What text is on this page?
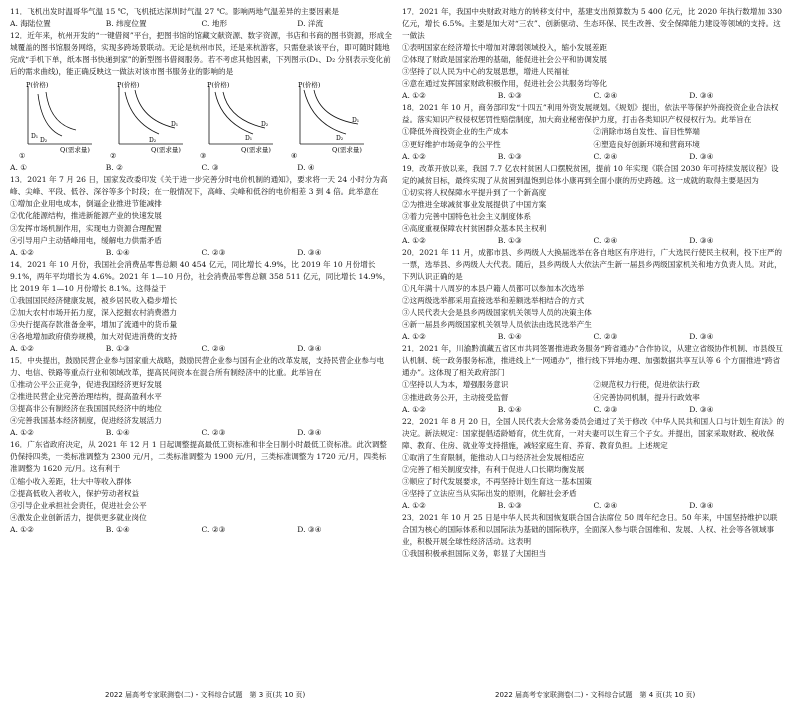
11．飞机出发时温哥华气温 15 ℃，飞机抵达深圳时气温 27 ℃。影响两地气温差异的主要因素是
A. 海陆位置	B. 纬度位置	C. 地形	D. 洋流
12．近年来，杭州开发的“一键借阅”平台，把图书馆的馆藏文献资源、数字资源，书店和书商的图书资源，形成全城覆盖的图书馆服务网络，实现多跨场景联动。无论是杭州市民，还是来杭游客，只需登录该平台，即可随时随地完成“手机下单，纸本图书快递到家”的新型图书借阅服务。若不考虑其他因素，下列图示(D₁、D₂ 分别表示变化前后的需求曲线)，能正确反映这一做法对该市图书服务业的影响的是
P(价格)
Q(需求量)
①
D₁
D₂
P(价格)
Q(需求量)
②
D₂
D₁
P(价格)
Q(需求量)
③
D₁
D₂
P(价格)
Q(需求量)
④
D₂
D₁
A. ①	B. ②	C. ③	D. ④
13．2021 年 7 月 26 日，国家发改委印发《关于进一步完善分时电价机制的通知》，要求将一天 24 小时分为高峰、尖峰、平段、低谷、深谷等多个时段；在一般情况下，高峰、尖峰和低谷的电价相差 3 到 4 倍。此举意在
①增加企业用电成本，倒逼企业推进节能减排
②优化能源结构，推进新能源产业的快速发展
③发挥市场机制作用，实现电力资源合理配置
④引导用户主动错峰用电，缓解电力供需矛盾
A. ①②	B. ①④	C. ②③	D. ③④
14．2021 年 10 月份，我国社会消费品零售总额 40 454 亿元，同比增长 4.9%，比 2019 年 10 月份增长 9.1%，两年平均增长为 4.6%。2021 年 1—10 月份，社会消费品零售总额 358 511 亿元，同比增长 14.9%，比 2019 年 1—10 月份增长 8.1%。这得益于
①我国国民经济健康发展，被乡居民收入稳步增长
②加大农村市场开拓力度，深入挖掘农村消费潜力
③央行提高存款准备金率，增加了流通中的货币量
④各地增加政府债券规模，加大对促进消费的支持
A. ①②	B. ①③	C. ②④	D. ③④
15．中央提出，鼓励民营企业参与国家重大战略，鼓励民营企业参与国有企业的改革发展，支持民营企业参与电力、电信、铁路等重点行业和领域改革，提高民间资本在混合所有制经济中的比重。此举旨在
①推动公平公正竞争，促进我国经济更好发展
②推进民营企业完善治理结构，提高盈利水平
③提高非公有制经济在我国国民经济中的地位
④完善我国基本经济制度，促进经济发展活力
A. ①②	B. ①④	C. ②③	D. ③④
16．广东省政府决定，从 2021 年 12 月 1 日起调整提高最低工资标准和非全日制小时最低工资标准。此次调整仍保持四类，一类标准调整为 2300 元/月，二类标准调整为 1900 元/月，三类标准调整为 1720 元/月，四类标准调整为 1620 元/月。这有利于
①缩小收入差距，壮大中等收入群体
②提高低收入者收入，保护劳动者权益
③引导企业承担社会责任，促进社会公平
④激发企业创新活力，提供更多就业岗位
A. ①②	B. ①④	C. ②③	D. ③④
17．2021 年，我国中央财政对地方的转移支付中，基建支出预算数为 5 400 亿元，比 2020 年执行数增加 330 亿元，增长 6.5%。主要是加大对“三农”、创新驱动、生态环保、民生改善、安全保障能力建设等领域的支持。这一做法
①表明国家在经济增长中增加对薄弱领域投入，缩小发展差距
②体现了财政是国家治理的基础，能促进社会公平和协调发展
③坚持了以人民为中心的发展思想，增进人民福祉
④意在通过发挥国家财政积极作用，促进社会公共服务均等化
A. ①②	B. ①③	C. ②④	D. ③④
18．2021 年 10 月，商务部印发“十四五”利用外资发展规划。《规划》提出，依法平等保护外商投资企业合法权益。落实知识产权侵权惩罚性赔偿制度，加大商业秘密保护力度，打击各类知识产权侵权行为。此举旨在
①降低外商投资企业的生产成本	②消除市场自发性、盲目性弊端
③更好维护市场竞争的公平性	④塑造良好创新环境和营商环境
A. ①②	B. ①③	C. ②④	D. ③④
19．改革开放以来，我国 7.7 亿农村贫困人口摆脱贫困，提前 10 年实现《联合国 2030 年可持续发展议程》设定的减贫目标，最终实现了从贫困到温饱到总体小康再到全面小康的历史跨越。这一成就的取得主要是因为
①切实将人权保障水平提升到了一个新高度
②为推进全球减贫事业发展提供了中国方案
③着力完善中国特色社会主义制度体系
④高度重视保障农村贫困群众基本民主权利
A. ①②	B. ①③	C. ②④	D. ③④
20．2021 年 11 月，成都市县、乡两级人大换届选举在各自地区有序进行，广大选民行使民主权利，投下庄严的一票，选举县、乡两级人大代表。随后，县乡两级人大依法产生新一届县乡两级国家机关和地方负责人员。对此，下列认识正确的是
①凡年满十八周岁的本县户籍人员都可以参加本次选举
②这两级选举都采用直接选举和差额选举相结合的方式
③人民代表大会是县乡两级国家机关领导人员的决策主体
④新一届县乡两级国家机关领导人员依法由选民选举产生
A. ①②	B. ①④	C. ②③	D. ③④
21．2021 年，川渝黔滇藏五省区市共同签署推进政务服务“跨省通办”合作协议，从建立省级协作机制、市县级互认机制、统一政务服务标准，推进线上“一网通办”，推行线下异地办理、加强数据共享互认等 6 个方面推进“跨省通办”。这体现了相关政府部门
①坚持以人为本，增强服务意识	②规范权力行使，促进依法行政
③推进政务公开，主动接受监督	④完善协同机制，提升行政效率
A. ①②	B. ①④	C. ②③	D. ③④
22．2021 年 8 月 20 日，全国人民代表大会常务委员会通过了关于修改《中华人民共和国人口与计划生育法》的决定。新法规定：国家提倡适龄婚育，优生优育，一对夫妻可以生育三个子女。并提出，国家采取财政、税收保障、教育、住房、就业等支持措施，减轻家庭生育、养育、教育负担。上述规定
①取消了生育限制，能推动人口与经济社会发展相适应
②完善了相关制度安排，有利于促进人口长期均衡发展
③顺应了时代发展要求，不再坚持计划生育这一基本国策
④坚持了立法应当从实际出发的原则，化解社会矛盾
A. ①②	B. ①③	C. ②④	D. ③④
23．2021 年 10 月 25 日是中华人民共和国恢复联合国合法席位 50 周年纪念日。50 年来，中国坚持维护以联合国为核心的国际体系和以国际法为基础的国际秩序，全面深入参与联合国维和、发展、人权、社会等各领域事业，积极开展全球性经济活动。这表明
①我国积极承担国际义务，彰显了大国担当
2022 届高考专家联测卷(二)・文科综合试题　第 3 页(共 10 页)	2022 届高考专家联测卷(二)・文科综合试题　第 4 页(共 10 页)
